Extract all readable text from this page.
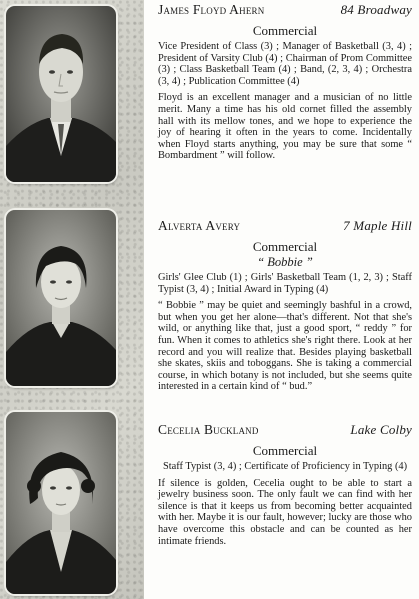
James Floyd Ahern	84 Broadway
Commercial
Vice President of Class (3) ; Manager of Basketball (3, 4) ; President of Varsity Club (4) ; Chairman of Prom Committee (3) ; Class Basketball Team (4) ; Band, (2, 3, 4) ; Orchestra (3, 4) ; Publication Committee (4)
Floyd is an excellent manager and a musician of no little merit. Many a time has his old cornet filled the assembly hall with its mellow tones, and we hope to experience the joy of hearing it often in the years to come. Incidentally when Floyd starts anything, you may be sure that some “ Bombardment ” will follow.
Alverta Avery	7 Maple Hill
Commercial
“ Bobbie ”
Girls' Glee Club (1) ; Girls' Basketball Team (1, 2, 3) ; Staff Typist (3, 4) ; Initial Award in Typing (4)
“ Bobbie ” may be quiet and seemingly bashful in a crowd, but when you get her alone—that's different. Not that she's wild, or anything like that, just a good sport, “ reddy ” for fun. When it comes to athletics she's right there. Look at her record and you will realize that. Besides playing basketball she skates, skiis and toboggans. She is taking a commercial course, in which botany is not included, but she seems quite interested in a certain kind of “ bud.”
Cecelia Buckland	Lake Colby
Commercial
Staff Typist (3, 4) ; Certificate of Proficiency in Typing (4)
If silence is golden, Cecelia ought to be able to start a jewelry business soon. The only fault we can find with her silence is that it keeps us from becoming better acquainted with her. Maybe it is our fault, however; lucky are those who have overcome this obstacle and can be counted as her intimate friends.
